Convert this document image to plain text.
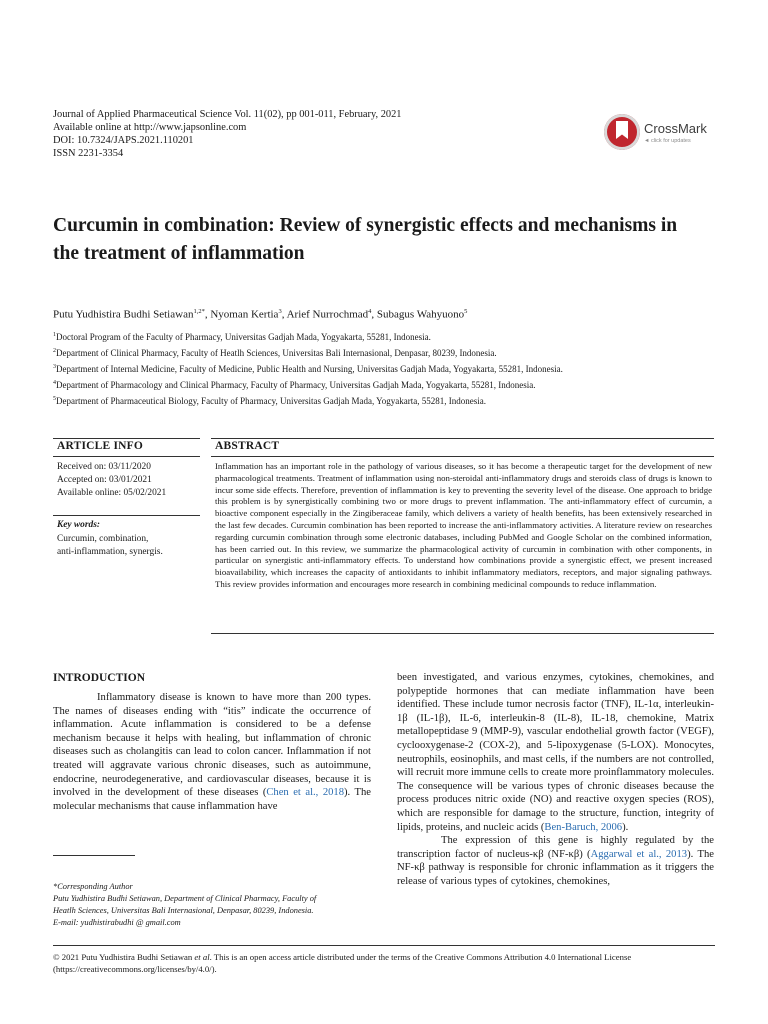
Journal of Applied Pharmaceutical Science Vol. 11(02), pp 001-011, February, 2021
Available online at http://www.japsonline.com
DOI: 10.7324/JAPS.2021.110201
ISSN 2231-3354
CrossMark
◄ click for updates
Curcumin in combination: Review of synergistic effects and mechanisms in the treatment of inflammation
Putu Yudhistira Budhi Setiawan$^{1,2*}$, Nyoman Kertia$^3$, Arief Nurrochmad$^4$, Subagus Wahyuono$^5$
$^1$Doctoral Program of the Faculty of Pharmacy, Universitas Gadjah Mada, Yogyakarta, 55281, Indonesia.
$^2$Department of Clinical Pharmacy, Faculty of Heatlh Sciences, Universitas Bali Internasional, Denpasar, 80239, Indonesia.
$^3$Department of Internal Medicine, Faculty of Medicine, Public Health and Nursing, Universitas Gadjah Mada, Yogyakarta, 55281, Indonesia.
$^4$Department of Pharmacology and Clinical Pharmacy, Faculty of Pharmacy, Universitas Gadjah Mada, Yogyakarta, 55281, Indonesia.
$^5$Department of Pharmaceutical Biology, Faculty of Pharmacy, Universitas Gadjah Mada, Yogyakarta, 55281, Indonesia.
ARTICLE INFO
Received on: 03/11/2020
Accepted on: 03/01/2021
Available online: 05/02/2021
Key words:
Curcumin, combination,
anti-inflammation, synergis.
ABSTRACT
Inflammation has an important role in the pathology of various diseases, so it has become a therapeutic target for the development of new pharmacological treatments. Treatment of inflammation using non-steroidal anti-inflammatory drugs and steroids class of drugs is known to incur some side effects. Therefore, prevention of inflammation is key to preventing the severity level of the disease. One approach to bridge this problem is by synergistically combining two or more drugs to prevent inflammation. The anti-inflammatory effect of curcumin, a bioactive component especially in the Zingiberaceae family, which delivers a variety of health benefits, has been extensively researched in the last few decades. Curcumin combination has been reported to increase the anti-inflammatory activities. A literature review on researches regarding curcumin combination through some electronic databases, including PubMed and Google Scholar on the combined information, has been carried out. In this review, we summarize the pharmacological activity of curcumin in combination with other components, in particular on synergistic anti-inflammatory effects. To understand how combinations provide a synergistic effect, we present increased bioavailability, which increases the capacity of antioxidants to inhibit inflammatory mediators, receptors, and major signaling pathways. This review provides information and encourages more research in combining medicinal compounds to reduce inflammation.
INTRODUCTION

Inflammatory disease is known to have more than 200 types. The names of diseases ending with “itis” indicate the occurrence of inflammation. Acute inflammation is considered to be a defense mechanism because it helps with healing, but inflammation of chronic diseases such as cholangitis can lead to colon cancer. Inflammation if not treated will aggravate various chronic diseases, such as autoimmune, endocrine, neurodegenerative, and cardiovascular diseases, because it is involved in the development of these diseases (Chen et al., 2018). The molecular mechanisms that cause inflammation have

*Corresponding Author
Putu Yudhistira Budhi Setiawan, Department of Clinical Pharmacy, Faculty of
Heatlh Sciences, Universitas Bali Internasional, Denpasar, 80239, Indonesia.
E-mail: yudhistirabudhi @ gmail.com

been investigated, and various enzymes, cytokines, chemokines, and polypeptide hormones that can mediate inflammation have been identified. These include tumor necrosis factor (TNF), IL-1α, interleukin-1β (IL-1β), IL-6, interleukin-8 (IL-8), IL-18, chemokine, Matrix metallopeptidase 9 (MMP-9), vascular endothelial growth factor (VEGF), cyclooxygenase-2 (COX-2), and 5-lipoxygenase (5-LOX). Monocytes, neutrophils, eosinophils, and mast cells, if the numbers are not controlled, will recruit more immune cells to create more proinflammatory molecules. The consequence will be various types of chronic diseases because the process produces nitric oxide (NO) and reactive oxygen species (ROS), which are responsible for damage to the structure, function, integrity of lipids, proteins, and nucleic acids (Ben-Baruch, 2006).

The expression of this gene is highly regulated by the transcription factor of nucleus-κβ (NF-κβ) (Aggarwal et al., 2013). The NF-κβ pathway is responsible for chronic inflammation as it triggers the release of various types of cytokines, chemokines,

© 2021 Putu Yudhistira Budhi Setiawan et al. This is an open access article distributed under the terms of the Creative Commons Attribution 4.0 International License (https://creativecommons.org/licenses/by/4.0/).
